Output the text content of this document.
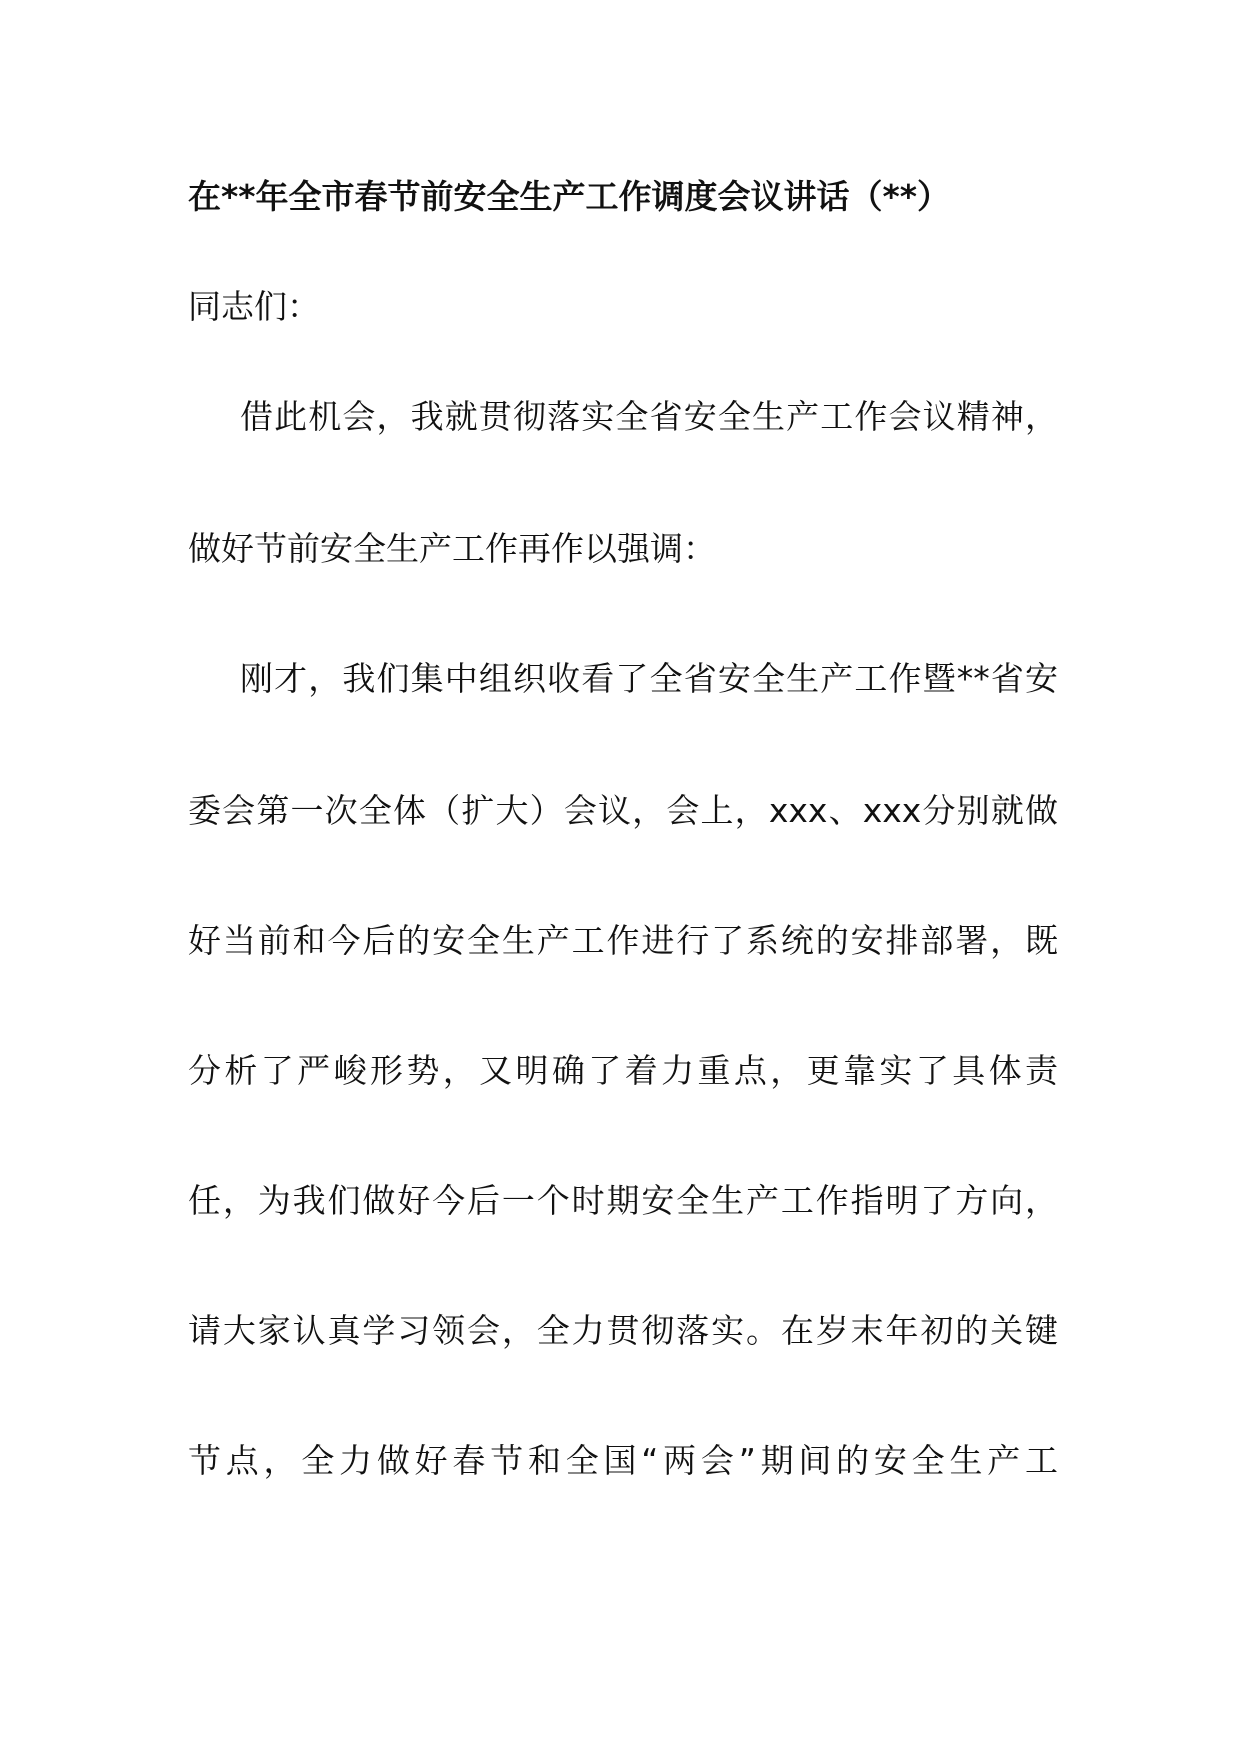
在**年全市春节前安全生产工作调度会议讲话（**）
同志们：
借此机会，我就贯彻落实全省安全生产工作会议精神，
做好节前安全生产工作再作以强调：
刚才，我们集中组织收看了全省安全生产工作暨**省安
委会第一次全体（扩大）会议，会上，xxx、xxx分别就做
好当前和今后的安全生产工作进行了系统的安排部署，既
分析了严峻形势，又明确了着力重点，更靠实了具体责
任，为我们做好今后一个时期安全生产工作指明了方向，
请大家认真学习领会，全力贯彻落实。在岁末年初的关键
节点，全力做好春节和全国“两会”期间的安全生产工
